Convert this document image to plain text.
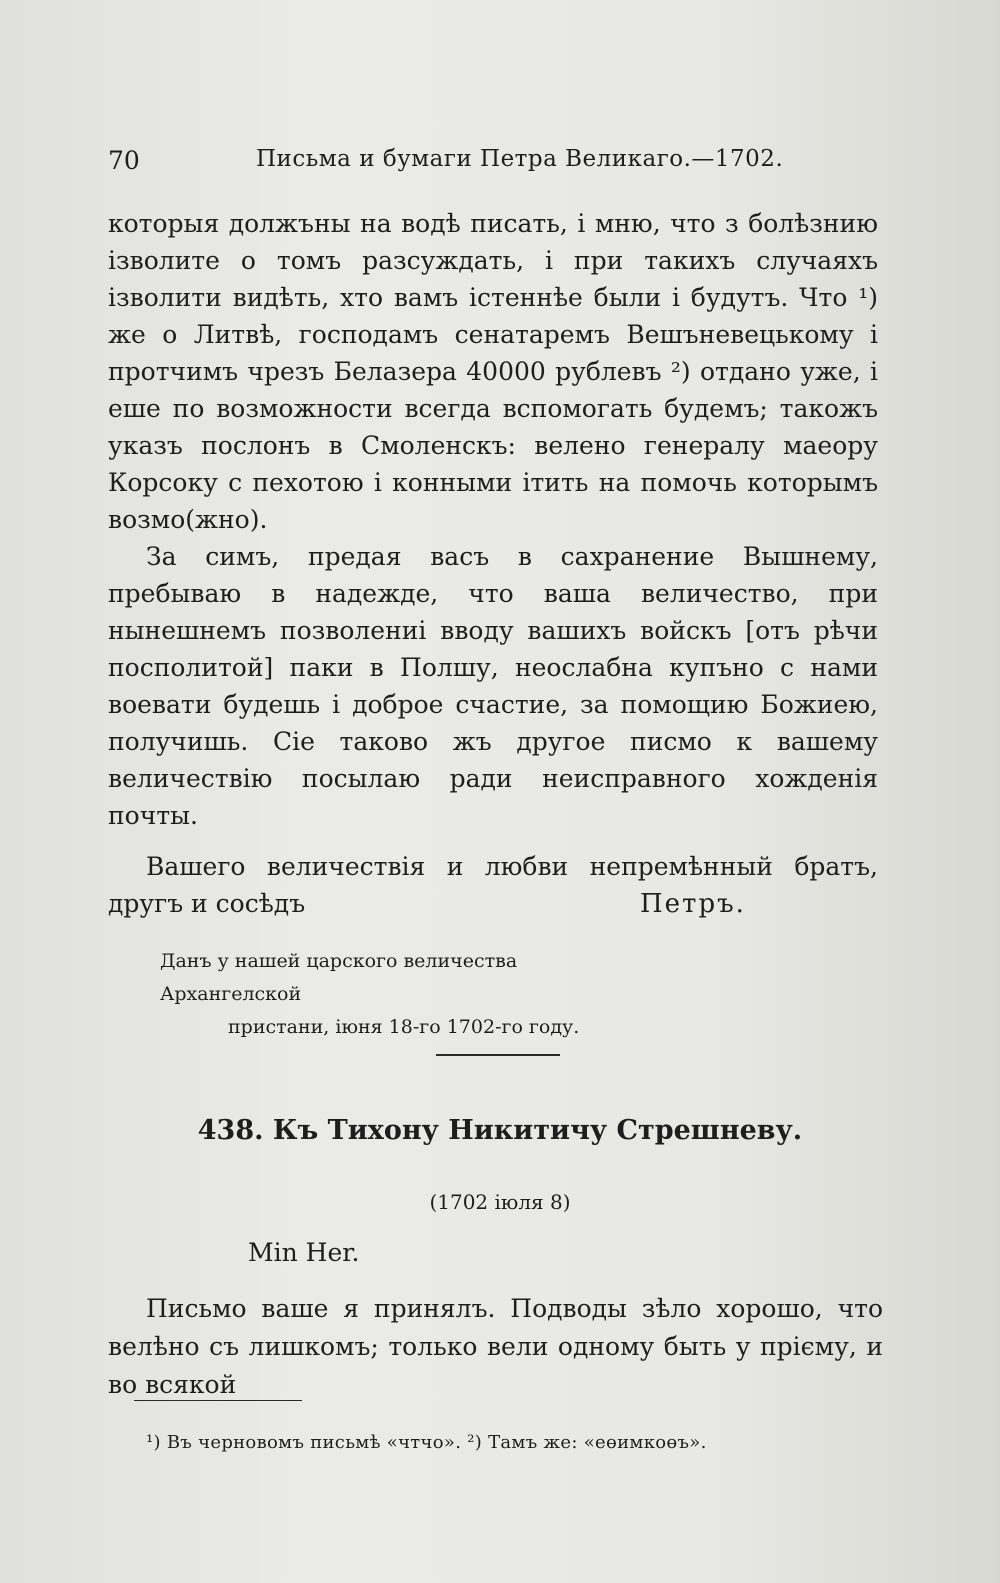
70	Письма и бумаги Петра Великаго.—1702.

которыя должъны на водѣ писать, і мню, что з болѣзнию ізволите о томъ разсуждать, і при такихъ случаяхъ ізволити видѣть, хто вамъ істеннѣе были і будутъ. Что ¹) же о Литвѣ, господамъ сенатаремъ Вешъневецькому і протчимъ чрезъ Белазера 40000 рублевъ ²) отдано уже, і еше по возможности всегда вспомогать будемъ; такожъ указъ послонъ в Смоленскъ: велено генералу маеору Корсоку с пехотою і конными ітить на помочь которымъ возмо(жно).

За симъ, предая васъ в сахранение Вышнему, пребываю в надежде, что ваша величество, при нынешнемъ позволениі вводу вашихъ войскъ [отъ рѣчи посполитой] паки в Полшу, неослабна купъно с нами воевати будешь і доброе счастие, за помощию Божиею, получишь. Сіе таково жъ другое писмо к вашему величествію посылаю ради неисправного хожденія почты.

Вашего величествія и любви непремѣнный братъ, другъ и сосѣдъ	Петръ.
Данъ у нашей царского величества Архангелской
пристани, іюня 18-го 1702-го году.
438. Къ Тихону Никитичу Стрешневу.
(1702 іюля 8)
Min Her.
Письмо ваше я принялъ. Подводы зѣло хорошо, что велѣно съ лишкомъ; только вели одному быть у прієму, и во всякой
¹) Въ черновомъ письмѣ «чтчо». ²) Тамъ же: «еөимкоөъ».
